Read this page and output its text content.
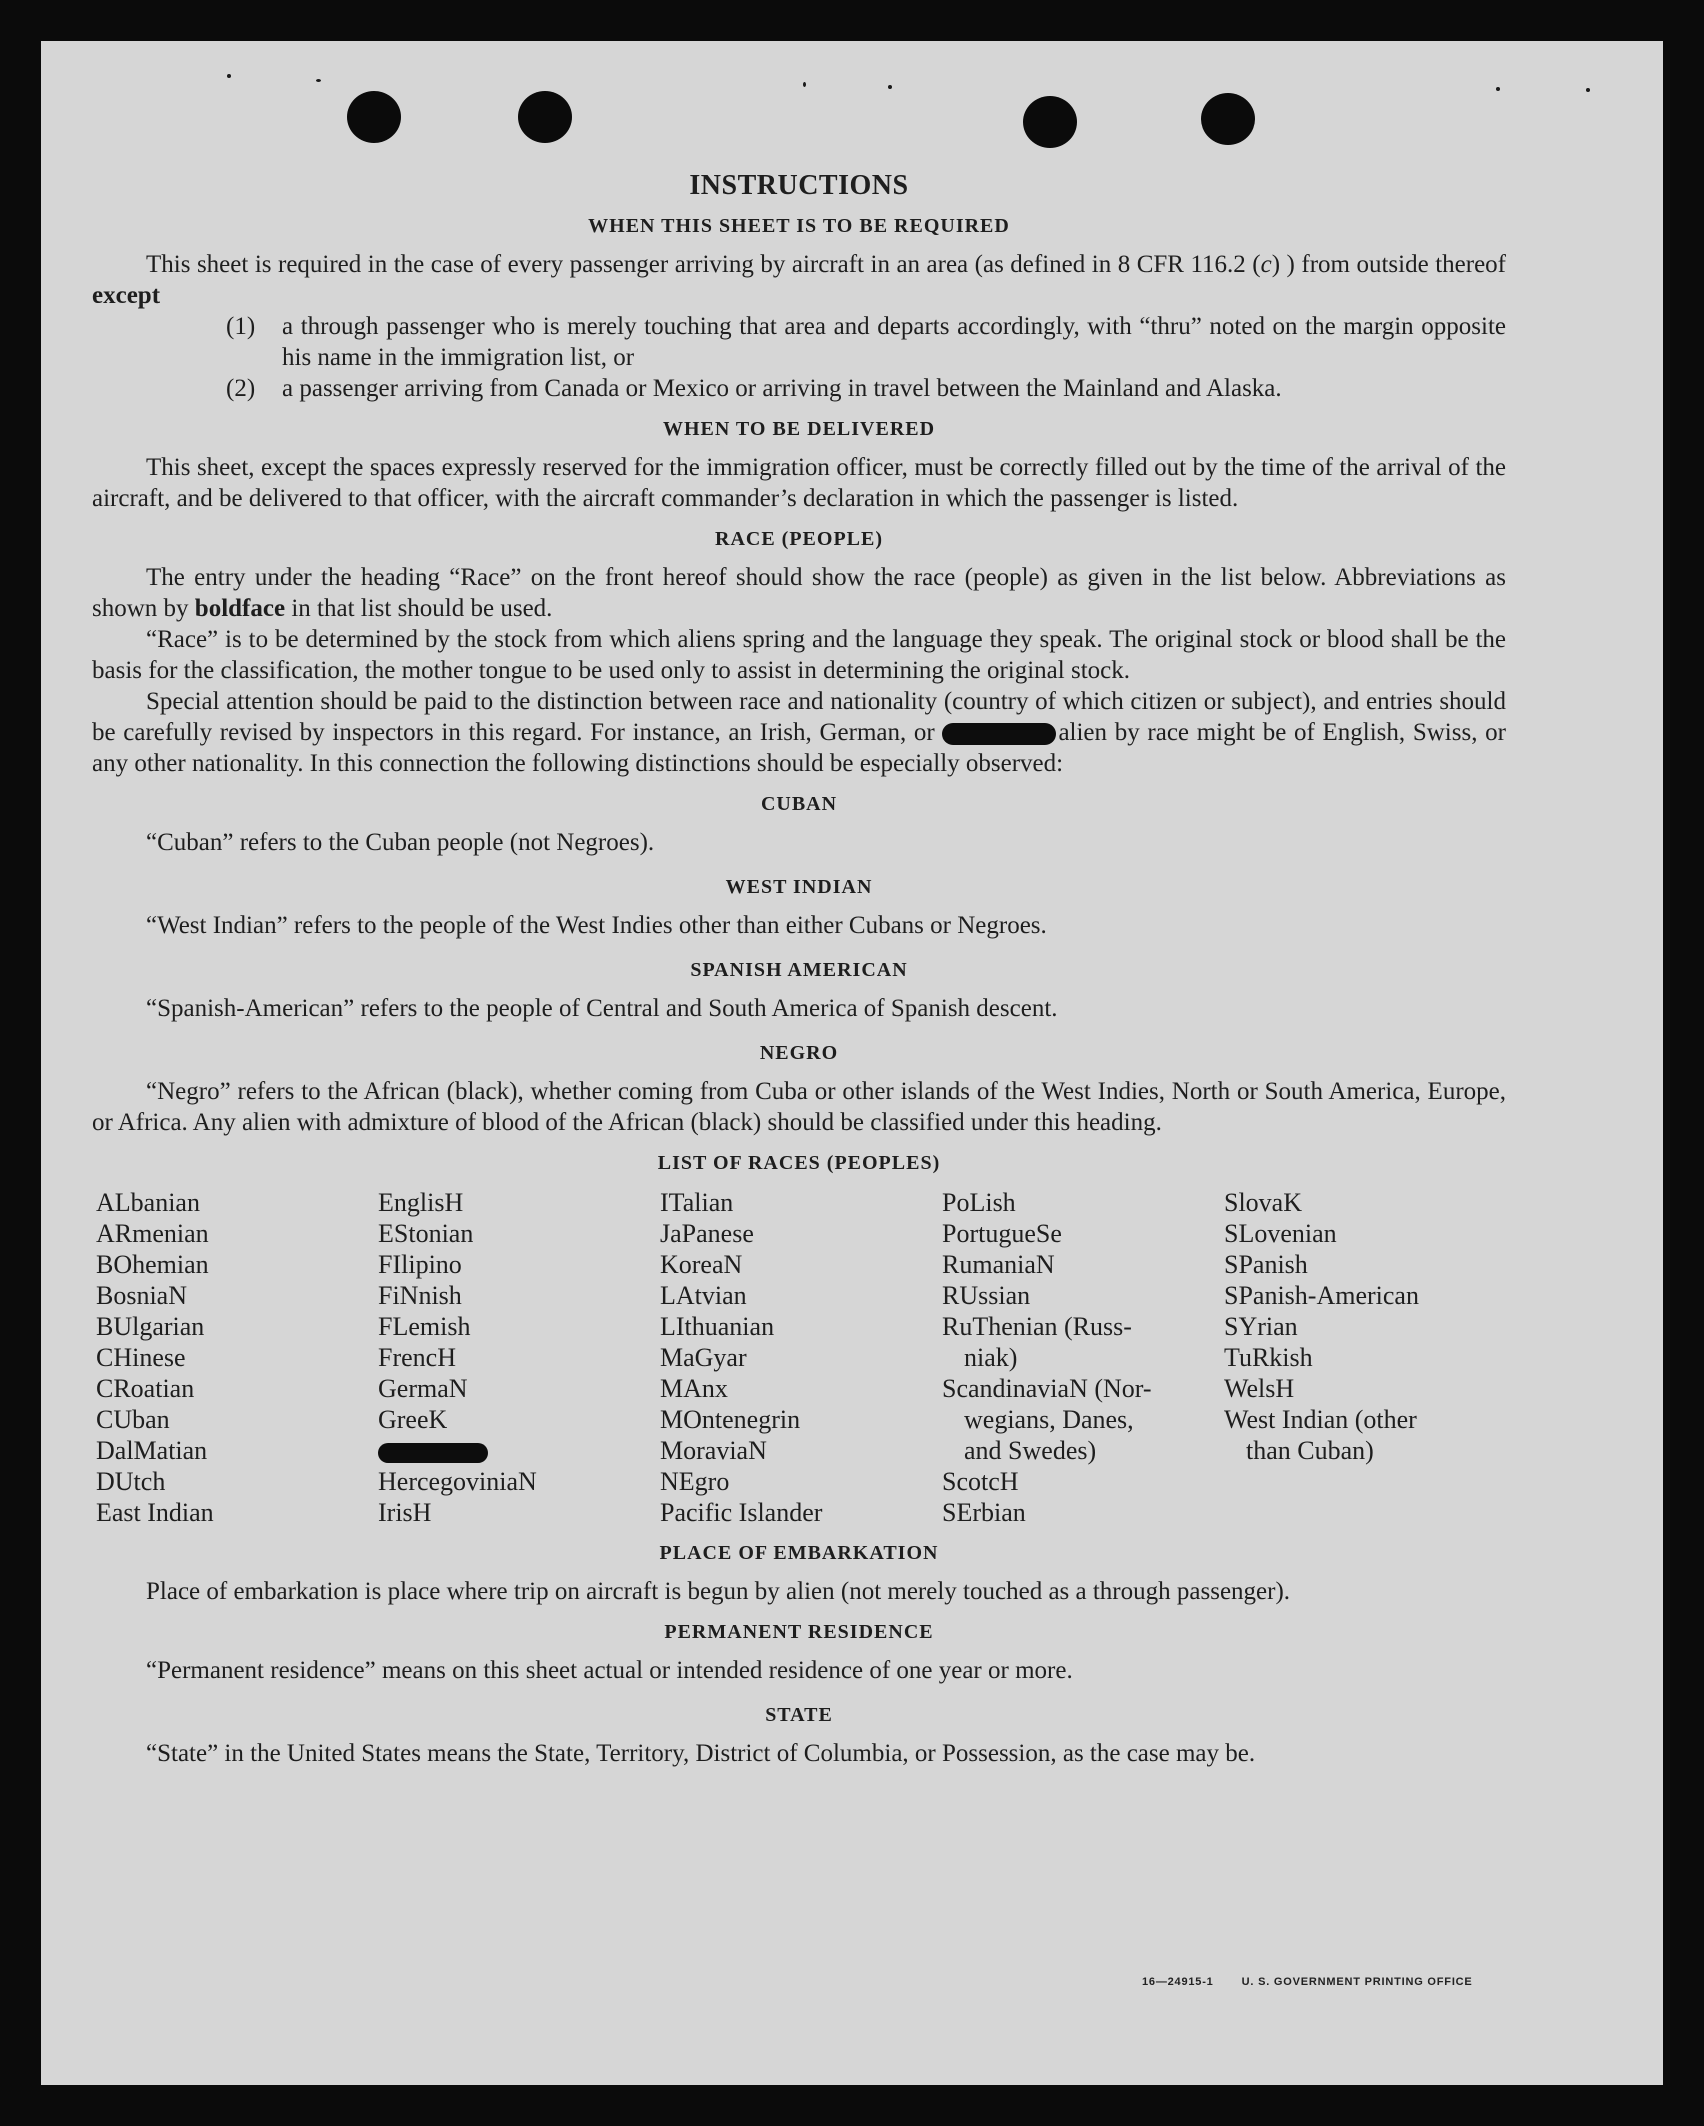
INSTRUCTIONS
WHEN THIS SHEET IS TO BE REQUIRED

This sheet is required in the case of every passenger arriving by aircraft in an area (as defined in 8 CFR 116.2 (c) ) from outside thereof except

(1) a through passenger who is merely touching that area and departs accordingly, with “thru” noted on the margin opposite his name in the immigration list, or

(2) a passenger arriving from Canada or Mexico or arriving in travel between the Mainland and Alaska.

WHEN TO BE DELIVERED

This sheet, except the spaces expressly reserved for the immigration officer, must be correctly filled out by the time of the arrival of the aircraft, and be delivered to that officer, with the aircraft commander’s declaration in which the passenger is listed.

RACE (PEOPLE)

The entry under the heading “Race” on the front hereof should show the race (people) as given in the list below. Abbreviations as shown by boldface in that list should be used.

“Race” is to be determined by the stock from which aliens spring and the language they speak. The original stock or blood shall be the basis for the classification, the mother tongue to be used only to assist in determining the original stock.

Special attention should be paid to the distinction between race and nationality (country of which citizen or subject), and entries should be carefully revised by inspectors in this regard. For instance, an Irish, German, or	alien by race might be of English, Swiss, or any other nationality. In this connection the following distinctions should be especially observed:

CUBAN

“Cuban” refers to the Cuban people (not Negroes).

WEST INDIAN

“West Indian” refers to the people of the West Indies other than either Cubans or Negroes.

SPANISH AMERICAN

“Spanish-American” refers to the people of Central and South America of Spanish descent.

NEGRO

“Negro” refers to the African (black), whether coming from Cuba or other islands of the West Indies, North or South America, Europe, or Africa. Any alien with admixture of blood of the African (black) should be classified under this heading.

LIST OF RACES (PEOPLES)
ALbanian
ARmenian
BOhemian
BosniaN
BUlgarian
CHinese
CRoatian
CUban
DalMatian
DUtch
East Indian
EnglisH
EStonian
FIlipino
FiNnish
FLemish
FrencH
GermaN
GreeK
HercegoviniaN
IrisH
ITalian
JaPanese
KoreaN
LAtvian
LIthuanian
MaGyar
MAnx
MOntenegrin
MoraviaN
NEgro
Pacific Islander
PoLish
PortugueSe
RumaniaN
RUssian
RuThenian (Russ-
niak)
ScandinaviaN (Nor-
wegians, Danes,
and Swedes)
ScotcH
SErbian
SlovaK
SLovenian
SPanish
SPanish-American
SYrian
TuRkish
WelsH
West Indian (other
than Cuban)
PLACE OF EMBARKATION

Place of embarkation is place where trip on aircraft is begun by alien (not merely touched as a through passenger).

PERMANENT RESIDENCE

“Permanent residence” means on this sheet actual or intended residence of one year or more.

STATE

“State” in the United States means the State, Territory, District of Columbia, or Possession, as the case may be.

16—24915-1	U. S. GOVERNMENT PRINTING OFFICE
